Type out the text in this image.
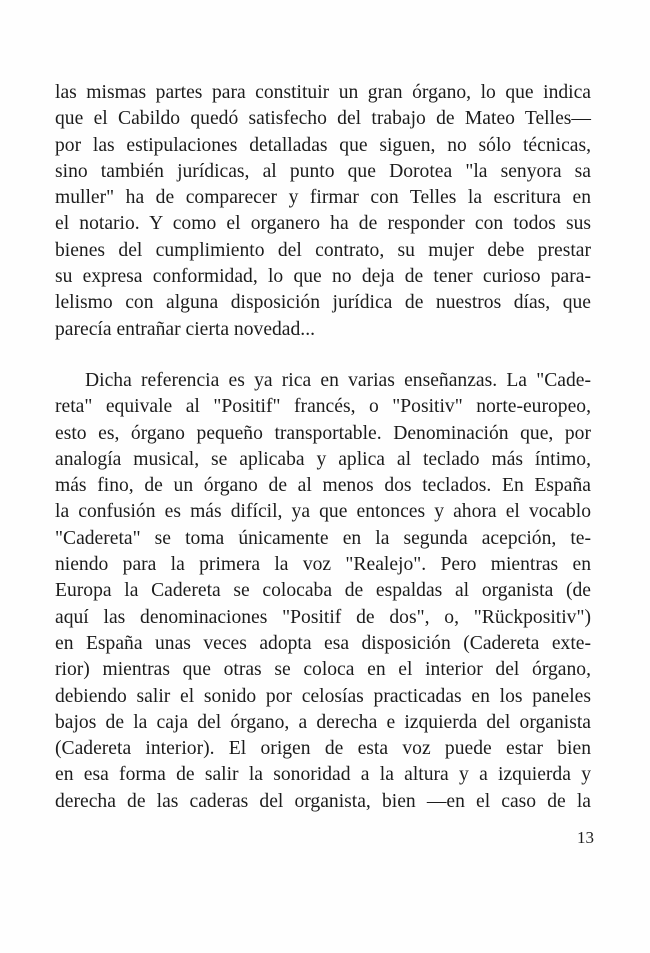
las mismas partes para constituir un gran órgano, lo que indica
que el Cabildo quedó satisfecho del trabajo de Mateo Telles—
por las estipulaciones detalladas que siguen, no sólo técnicas,
sino también jurídicas, al punto que Dorotea "la senyora sa
muller" ha de comparecer y firmar con Telles la escritura en
el notario. Y como el organero ha de responder con todos sus
bienes del cumplimiento del contrato, su mujer debe prestar
su expresa conformidad, lo que no deja de tener curioso para-
lelismo con alguna disposición jurídica de nuestros días, que
parecía entrañar cierta novedad...
Dicha referencia es ya rica en varias enseñanzas. La "Cade-
reta" equivale al "Positif" francés, o "Positiv" norte-europeo,
esto es, órgano pequeño transportable. Denominación que, por
analogía musical, se aplicaba y aplica al teclado más íntimo,
más fino, de un órgano de al menos dos teclados. En España
la confusión es más difícil, ya que entonces y ahora el vocablo
"Cadereta" se toma únicamente en la segunda acepción, te-
niendo para la primera la voz "Realejo". Pero mientras en
Europa la Cadereta se colocaba de espaldas al organista (de
aquí las denominaciones "Positif de dos", o, "Rückpositiv")
en España unas veces adopta esa disposición (Cadereta exte-
rior) mientras que otras se coloca en el interior del órgano,
debiendo salir el sonido por celosías practicadas en los paneles
bajos de la caja del órgano, a derecha e izquierda del organista
(Cadereta interior). El origen de esta voz puede estar bien
en esa forma de salir la sonoridad a la altura y a izquierda y
derecha de las caderas del organista, bien —en el caso de la
13
